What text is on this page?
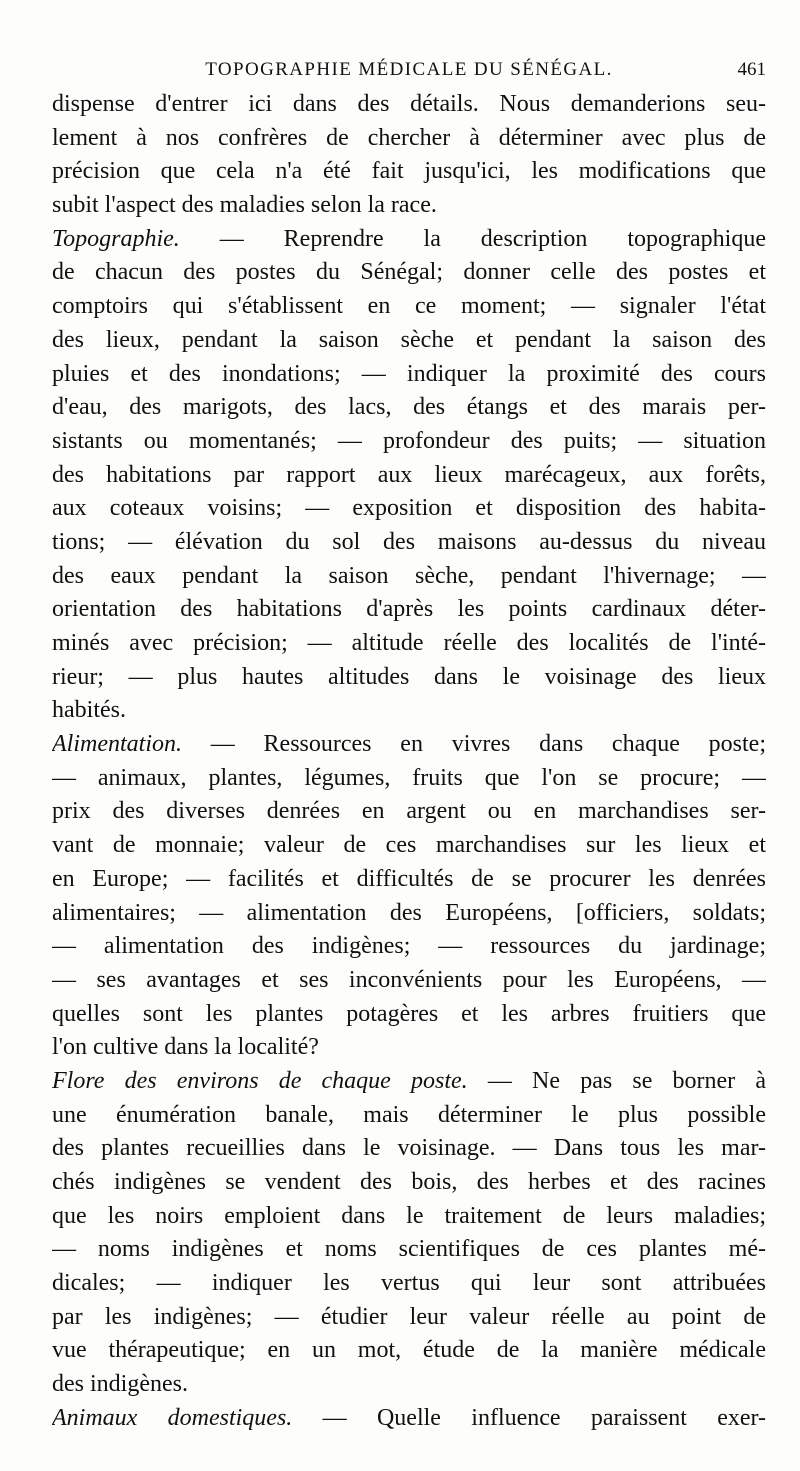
TOPOGRAPHIE MÉDICALE DU SÉNÉGAL.	461
dispense d'entrer ici dans des détails. Nous demanderions seu-
lement à nos confrères de chercher à déterminer avec plus de
précision que cela n'a été fait jusqu'ici, les modifications que
subit l'aspect des maladies selon la race.
Topographie. — Reprendre la description topographique
de chacun des postes du Sénégal; donner celle des postes et
comptoirs qui s'établissent en ce moment; — signaler l'état
des lieux, pendant la saison sèche et pendant la saison des
pluies et des inondations; — indiquer la proximité des cours
d'eau, des marigots, des lacs, des étangs et des marais per-
sistants ou momentanés; — profondeur des puits; — situation
des habitations par rapport aux lieux marécageux, aux forêts,
aux coteaux voisins; — exposition et disposition des habita-
tions; — élévation du sol des maisons au-dessus du niveau
des eaux pendant la saison sèche, pendant l'hivernage; —
orientation des habitations d'après les points cardinaux déter-
minés avec précision; — altitude réelle des localités de l'inté-
rieur; — plus hautes altitudes dans le voisinage des lieux
habités.
Alimentation. — Ressources en vivres dans chaque poste;
— animaux, plantes, légumes, fruits que l'on se procure; —
prix des diverses denrées en argent ou en marchandises ser-
vant de monnaie; valeur de ces marchandises sur les lieux et
en Europe; — facilités et difficultés de se procurer les denrées
alimentaires; — alimentation des Européens, [officiers, soldats;
— alimentation des indigènes; — ressources du jardinage;
— ses avantages et ses inconvénients pour les Européens, —
quelles sont les plantes potagères et les arbres fruitiers que
l'on cultive dans la localité?
Flore des environs de chaque poste. — Ne pas se borner à
une énumération banale, mais déterminer le plus possible
des plantes recueillies dans le voisinage. — Dans tous les mar-
chés indigènes se vendent des bois, des herbes et des racines
que les noirs emploient dans le traitement de leurs maladies;
— noms indigènes et noms scientifiques de ces plantes mé-
dicales; — indiquer les vertus qui leur sont attribuées
par les indigènes; — étudier leur valeur réelle au point de
vue thérapeutique; en un mot, étude de la manière médicale
des indigènes.
Animaux domestiques. — Quelle influence paraissent exer-
